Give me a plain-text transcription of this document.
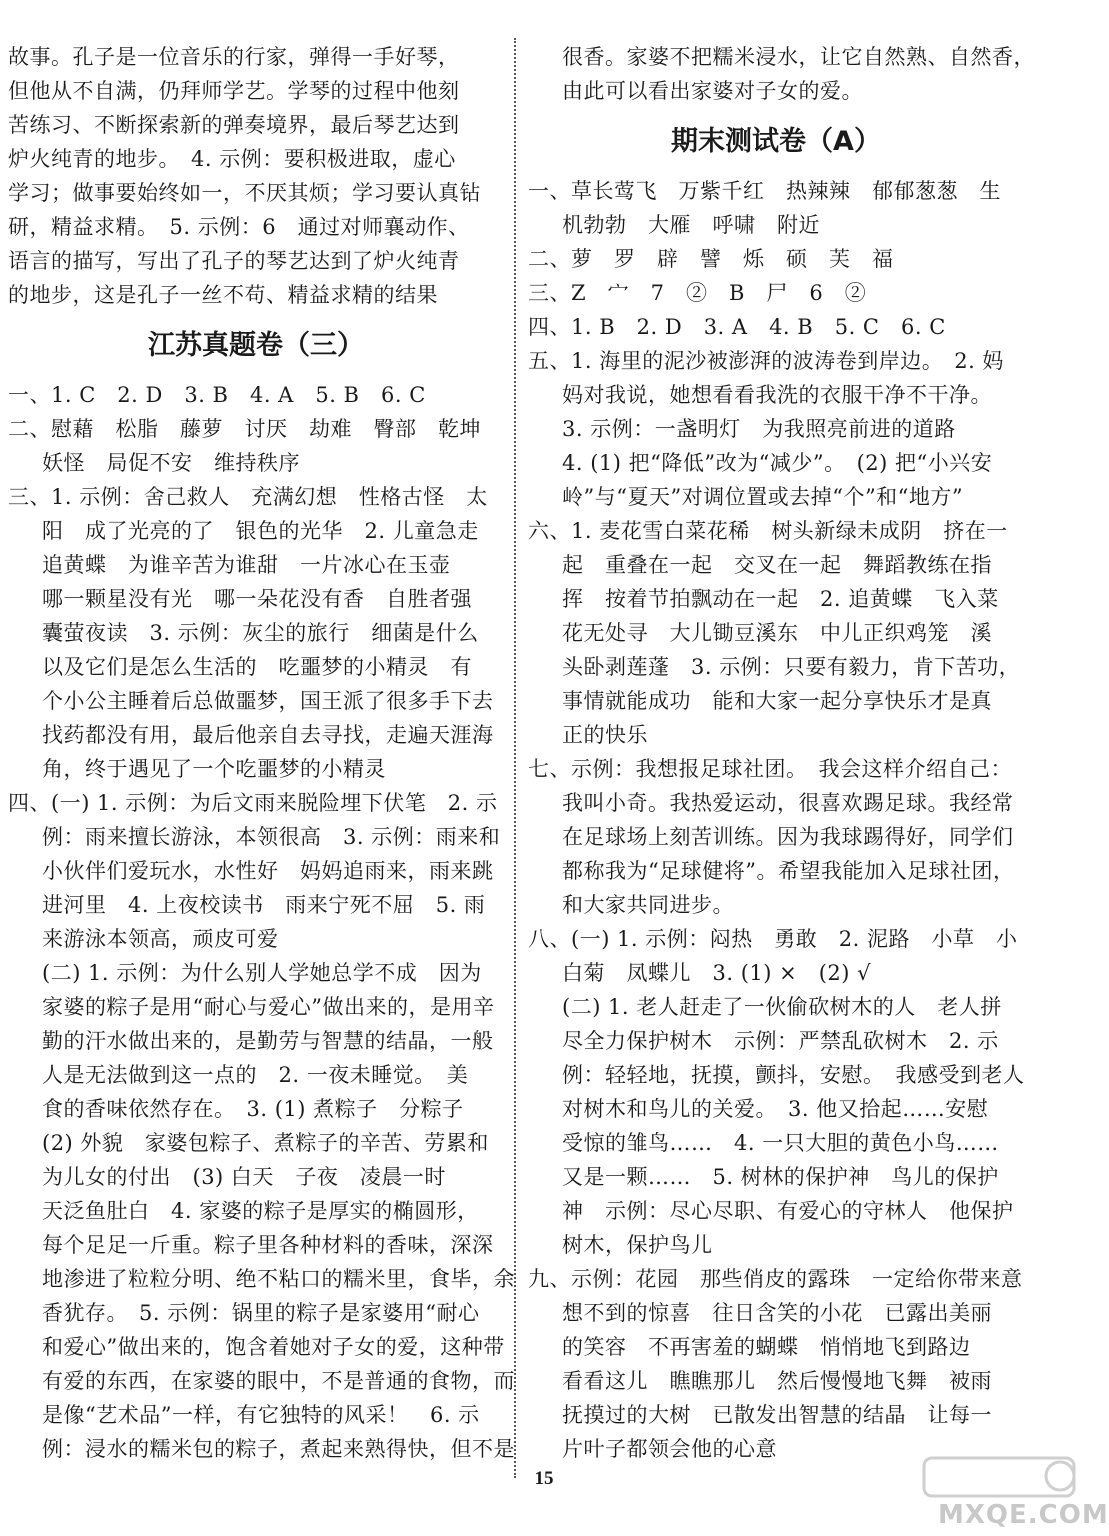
故事。孔子是一位音乐的行家，弹得一手好琴，
但他从不自满，仍拜师学艺。学琴的过程中他刻
苦练习、不断探索新的弹奏境界，最后琴艺达到
炉火纯青的地步。　4. 示例：要积极进取，虚心
学习；做事要始终如一，不厌其烦；学习要认真钻
研，精益求精。　5. 示例：6　通过对师襄动作、
语言的描写，写出了孔子的琴艺达到了炉火纯青
的地步，这是孔子一丝不苟、精益求精的结果
江苏真题卷（三）
一、1. C　2. D　3. B　4. A　5. B　6. C
二、慰藉　松脂　藤萝　讨厌　劫难　臀部　乾坤
妖怪　局促不安　维持秩序
三、1. 示例：舍己救人　充满幻想　性格古怪　太
阳　成了光亮的了　银色的光华　2. 儿童急走
追黄蝶　为谁辛苦为谁甜　一片冰心在玉壶
哪一颗星没有光　哪一朵花没有香　自胜者强
囊萤夜读　3. 示例：灰尘的旅行　细菌是什么
以及它们是怎么生活的　吃噩梦的小精灵　有
个小公主睡着后总做噩梦，国王派了很多手下去
找药都没有用，最后他亲自去寻找，走遍天涯海
角，终于遇见了一个吃噩梦的小精灵
四、(一) 1. 示例：为后文雨来脱险埋下伏笔　2. 示
例：雨来擅长游泳，本领很高　3. 示例：雨来和
小伙伴们爱玩水，水性好　妈妈追雨来，雨来跳
进河里　4. 上夜校读书　雨来宁死不屈　5. 雨
来游泳本领高，顽皮可爱
(二) 1. 示例：为什么别人学她总学不成　因为
家婆的粽子是用“耐心与爱心”做出来的，是用辛
勤的汗水做出来的，是勤劳与智慧的结晶，一般
人是无法做到这一点的　2. 一夜未睡觉。　美
食的香味依然存在。　3. (1) 煮粽子　分粽子
(2) 外貌　家婆包粽子、煮粽子的辛苦、劳累和
为儿女的付出　(3) 白天　子夜　凌晨一时
天泛鱼肚白　4. 家婆的粽子是厚实的椭圆形，
每个足足一斤重。粽子里各种材料的香味，深深
地渗进了粒粒分明、绝不粘口的糯米里，食毕，余
香犹存。　5. 示例：锅里的粽子是家婆用“耐心
和爱心”做出来的，饱含着她对子女的爱，这种带
有爱的东西，在家婆的眼中，不是普通的食物，而
是像“艺术品”一样，有它独特的风采！　6. 示
例：浸水的糯米包的粽子，煮起来熟得快，但不是
很香。家婆不把糯米浸水，让它自然熟、自然香，
由此可以看出家婆对子女的爱。
期末测试卷（A）
一、草长莺飞　万紫千红　热辣辣　郁郁葱葱　生
机勃勃　大雁　呼啸　附近
二、萝　罗　辟　譬　烁　硕　芙　福
三、Z　宀　7　②　B　尸　6　②
四、1. B　2. D　3. A　4. B　5. C　6. C
五、1. 海里的泥沙被澎湃的波涛卷到岸边。　2. 妈
妈对我说，她想看看我洗的衣服干净不干净。
3. 示例：一盏明灯　为我照亮前进的道路
4. (1) 把“降低”改为“减少”。　(2) 把“小兴安
岭”与“夏天”对调位置或去掉“个”和“地方”
六、1. 麦花雪白菜花稀　树头新绿未成阴　挤在一
起　重叠在一起　交叉在一起　舞蹈教练在指
挥　按着节拍飘动在一起　2. 追黄蝶　飞入菜
花无处寻　大儿锄豆溪东　中儿正织鸡笼　溪
头卧剥莲蓬　3. 示例：只要有毅力，肯下苦功，
事情就能成功　能和大家一起分享快乐才是真
正的快乐
七、示例：我想报足球社团。　我会这样介绍自己：
我叫小奇。我热爱运动，很喜欢踢足球。我经常
在足球场上刻苦训练。因为我球踢得好，同学们
都称我为“足球健将”。希望我能加入足球社团，
和大家共同进步。
八、(一) 1. 示例：闷热　勇敢　2. 泥路　小草　小
白菊　凤蝶儿　3. (1) ×　(2) √
(二) 1. 老人赶走了一伙偷砍树木的人　老人拼
尽全力保护树木　示例：严禁乱砍树木　2. 示
例：轻轻地，抚摸，颤抖，安慰。　我感受到老人
对树木和鸟儿的关爱。　3. 他又拾起……安慰
受惊的雏鸟……　4. 一只大胆的黄色小鸟……
又是一颗……　5. 树林的保护神　鸟儿的保护
神　示例：尽心尽职、有爱心的守林人　他保护
树木，保护鸟儿
九、示例：花园　那些俏皮的露珠　一定给你带来意
想不到的惊喜　往日含笑的小花　已露出美丽
的笑容　不再害羞的蝴蝶　悄悄地飞到路边
看看这儿　瞧瞧那儿　然后慢慢地飞舞　被雨
抚摸过的大树　已散发出智慧的结晶　让每一
片叶子都领会他的心意
15
MXQE.COM
